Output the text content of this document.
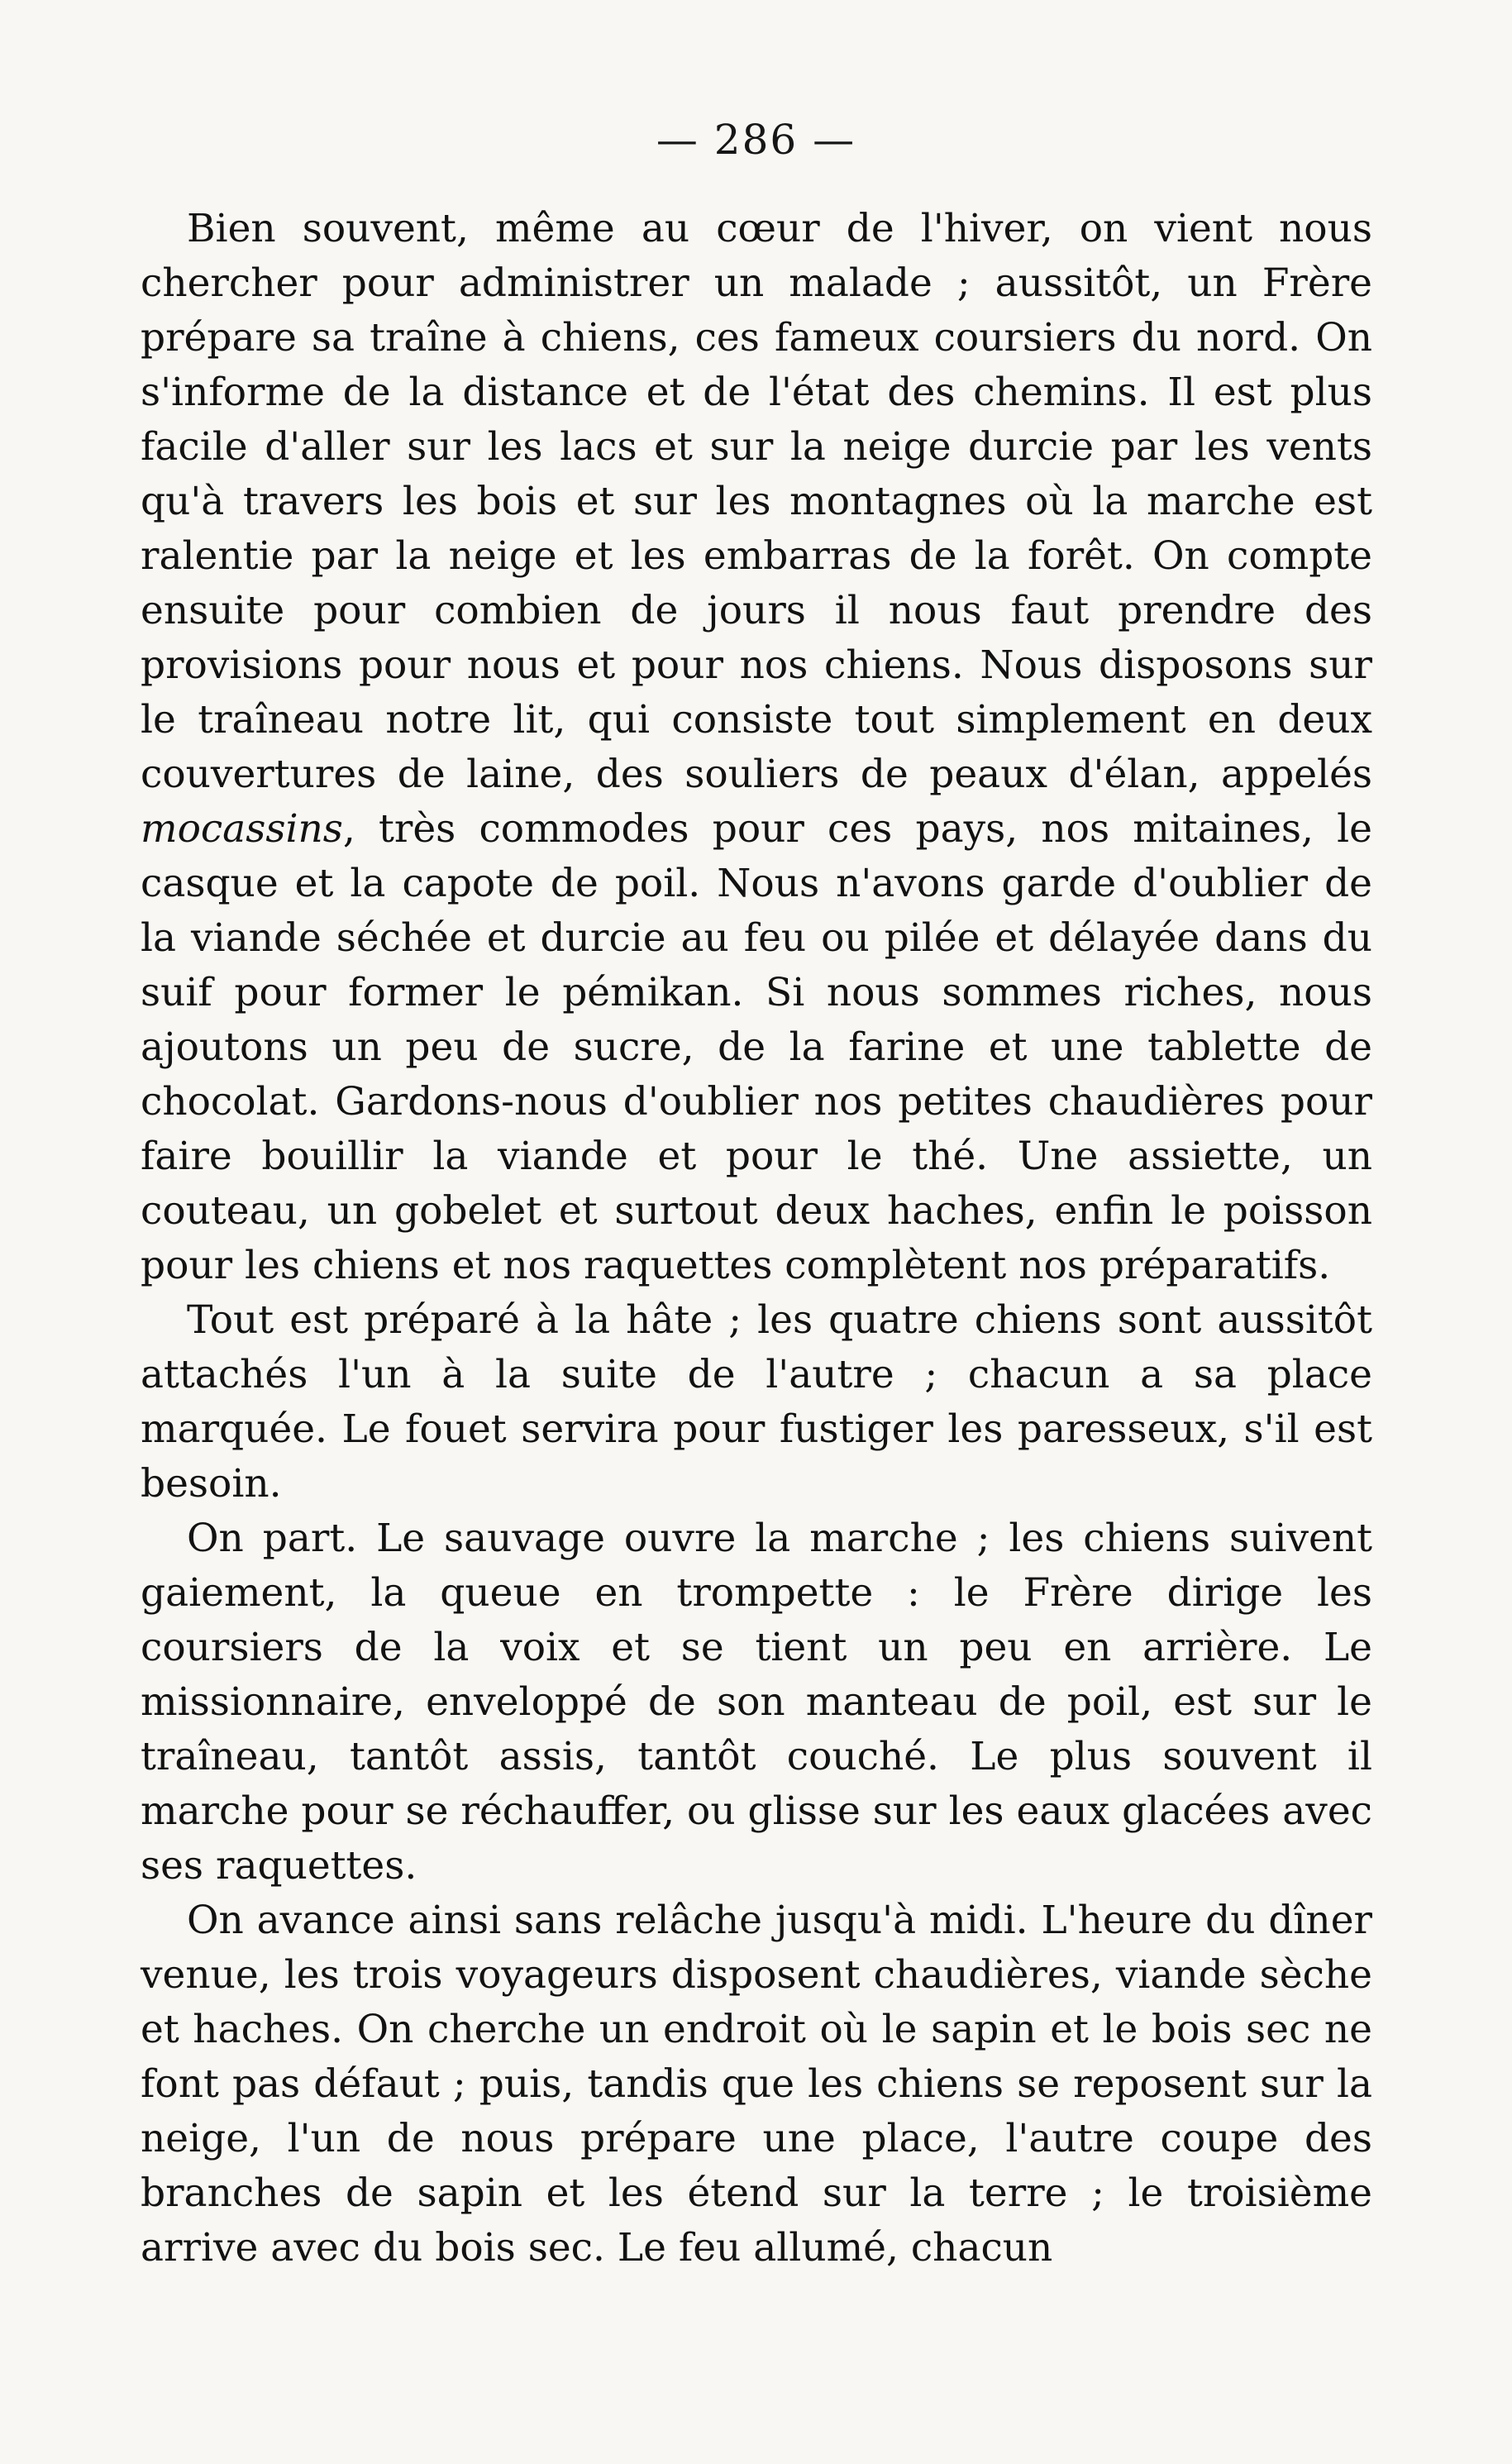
— 286 —

Bien souvent, même au cœur de l'hiver, on vient nous chercher pour administrer un malade ; aussitôt, un Frère prépare sa traîne à chiens, ces fameux coursiers du nord. On s'informe de la distance et de l'état des chemins. Il est plus facile d'aller sur les lacs et sur la neige durcie par les vents qu'à travers les bois et sur les montagnes où la marche est ralentie par la neige et les embarras de la forêt. On compte ensuite pour combien de jours il nous faut prendre des provisions pour nous et pour nos chiens. Nous disposons sur le traîneau notre lit, qui consiste tout simplement en deux couvertures de laine, des souliers de peaux d'élan, appelés mocassins, très commodes pour ces pays, nos mitaines, le casque et la capote de poil. Nous n'avons garde d'oublier de la viande séchée et durcie au feu ou pilée et délayée dans du suif pour former le pémikan. Si nous sommes riches, nous ajoutons un peu de sucre, de la farine et une tablette de chocolat. Gardons-nous d'oublier nos petites chaudières pour faire bouillir la viande et pour le thé. Une assiette, un couteau, un gobelet et surtout deux haches, enfin le poisson pour les chiens et nos raquettes complètent nos préparatifs.

Tout est préparé à la hâte ; les quatre chiens sont aussitôt attachés l'un à la suite de l'autre ; chacun a sa place marquée. Le fouet servira pour fustiger les paresseux, s'il est besoin.

On part. Le sauvage ouvre la marche ; les chiens suivent gaiement, la queue en trompette : le Frère dirige les coursiers de la voix et se tient un peu en arrière. Le missionnaire, enveloppé de son manteau de poil, est sur le traîneau, tantôt assis, tantôt couché. Le plus souvent il marche pour se réchauffer, ou glisse sur les eaux glacées avec ses raquettes.

On avance ainsi sans relâche jusqu'à midi. L'heure du dîner venue, les trois voyageurs disposent chaudières, viande sèche et haches. On cherche un endroit où le sapin et le bois sec ne font pas défaut ; puis, tandis que les chiens se reposent sur la neige, l'un de nous prépare une place, l'autre coupe des branches de sapin et les étend sur la terre ; le troisième arrive avec du bois sec. Le feu allumé, chacun
